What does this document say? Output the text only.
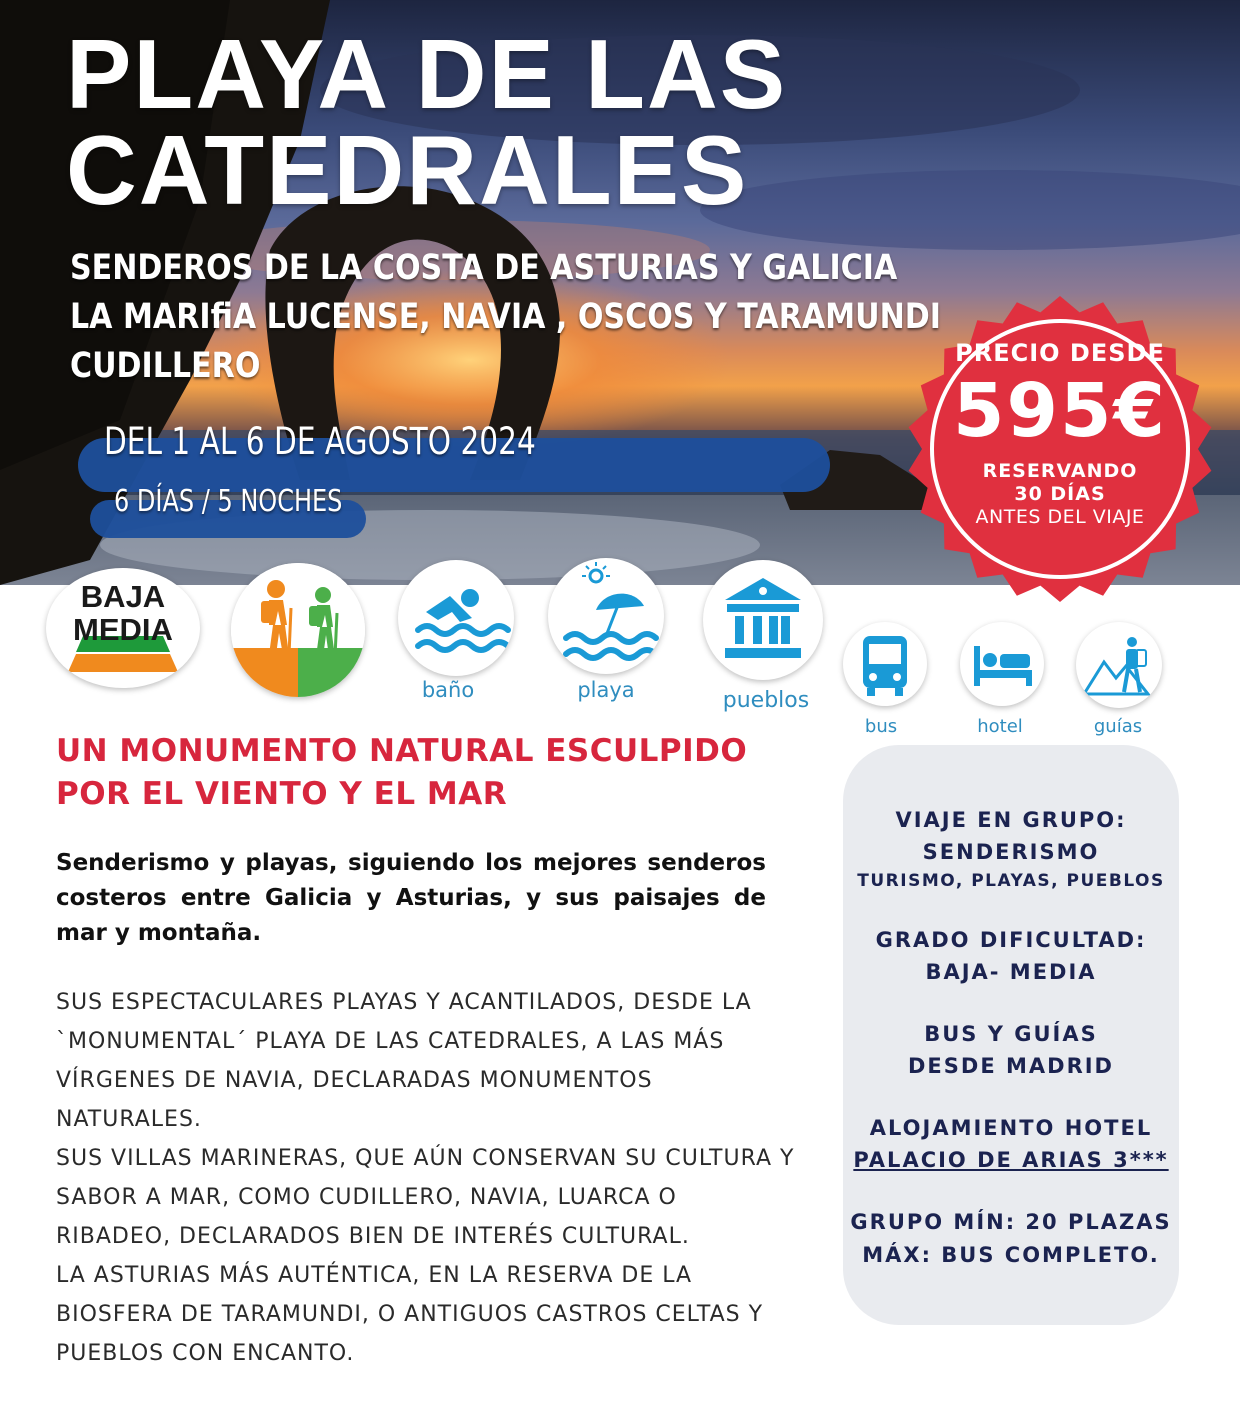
PLAYA DE LAS
CATEDRALES
SENDEROS DE LA COSTA DE ASTURIAS Y GALICIA
LA MARIfiA LUCENSE, NAVIA , OSCOS Y TARAMUNDI
CUDILLERO
DEL 1 AL 6 DE AGOSTO 2024
6 DÍAS / 5 NOCHES
PRECIO DESDE
595€
RESERVANDO
30 DÍAS
ANTES DEL VIAJE
BAJA
MEDIA
baño	playa	pueblos
bus	hotel	guías
UN MONUMENTO NATURAL ESCULPIDO
POR EL VIENTO Y EL MAR

Senderismo y playas, siguiendo los mejores senderos costeros entre Galicia y Asturias, y sus paisajes de mar y montaña.

SUS ESPECTACULARES PLAYAS Y ACANTILADOS, DESDE LA `MONUMENTAL´ PLAYA DE LAS CATEDRALES, A LAS MÁS VÍRGENES DE NAVIA, DECLARADAS MONUMENTOS NATURALES.

SUS VILLAS MARINERAS, QUE AÚN CONSERVAN SU CULTURA Y SABOR A MAR, COMO CUDILLERO, NAVIA, LUARCA O RIBADEO, DECLARADOS BIEN DE INTERÉS CULTURAL.

LA ASTURIAS MÁS AUTÉNTICA, EN LA RESERVA DE LA BIOSFERA DE TARAMUNDI, O ANTIGUOS CASTROS CELTAS Y PUEBLOS CON ENCANTO.

VIAJE EN GRUPO:
SENDERISMO
TURISMO, PLAYAS, PUEBLOS
GRADO DIFICULTAD:
BAJA- MEDIA
BUS Y GUÍAS
DESDE MADRID
ALOJAMIENTO HOTEL
PALACIO DE ARIAS 3***
GRUPO MÍN: 20 PLAZAS
MÁX: BUS COMPLETO.
